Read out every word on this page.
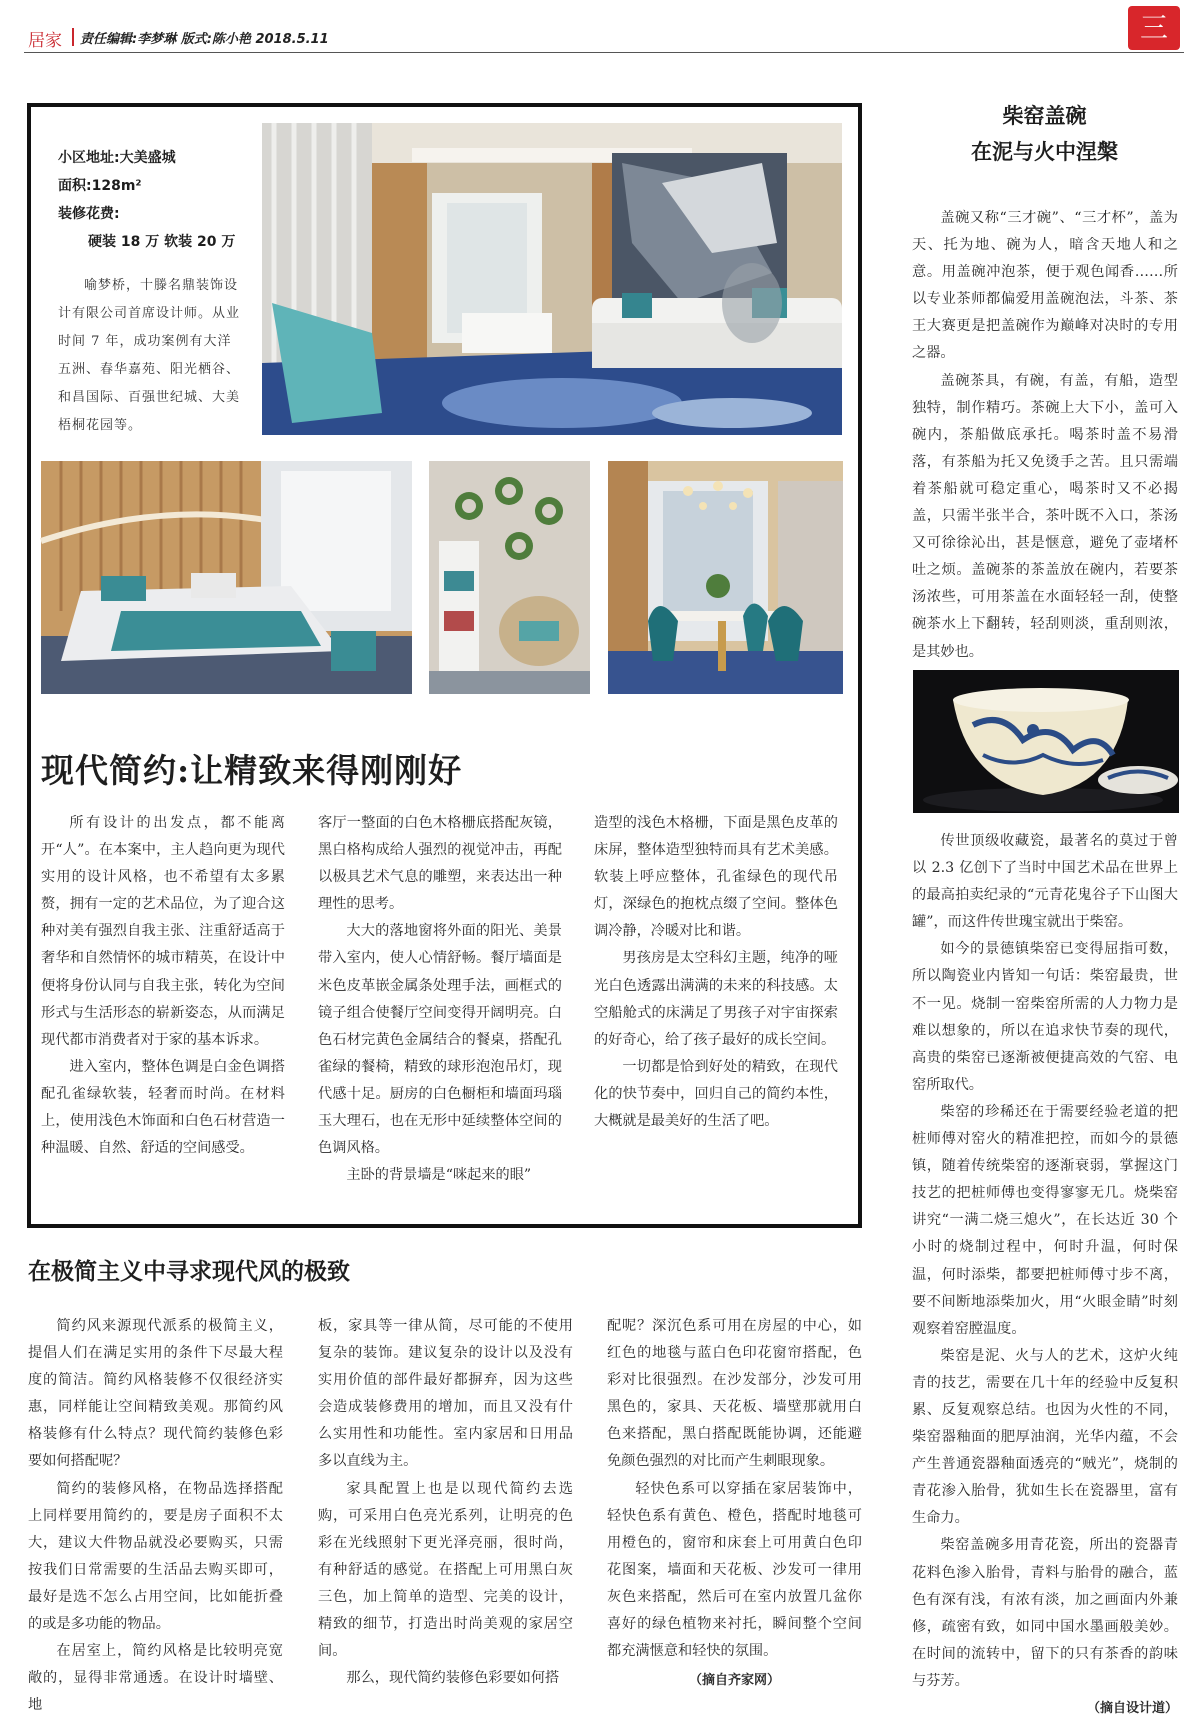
居家 责任编辑:李梦琳 版式:陈小艳 2018.5.11	三
小区地址:大美盛城
面积:128m²
装修花费:
硬装 18 万 软装 20 万
喻梦桥，十滕名鼎装饰设计有限公司首席设计师。从业时间 7 年，成功案例有大洋五洲、春华嘉苑、阳光栖谷、和昌国际、百强世纪城、大美梧桐花园等。
现代简约:让精致来得刚刚好

所有设计的出发点，都不能离开“人”。在本案中，主人趋向更为现代实用的设计风格，也不希望有太多累赘，拥有一定的艺术品位，为了迎合这种对美有强烈自我主张、注重舒适高于奢华和自然情怀的城市精英，在设计中便将身份认同与自我主张，转化为空间形式与生活形态的崭新姿态，从而满足现代都市消费者对于家的基本诉求。

进入室内，整体色调是白金色调搭配孔雀绿软装，轻奢而时尚。在材料上，使用浅色木饰面和白色石材营造一种温暖、自然、舒适的空间感受。

客厅一整面的白色木格栅底搭配灰镜，黑白格构成给人强烈的视觉冲击，再配以极具艺术气息的雕塑，来表达出一种理性的思考。

大大的落地窗将外面的阳光、美景带入室内，使人心情舒畅。餐厅墙面是米色皮革嵌金属条处理手法，画框式的镜子组合使餐厅空间变得开阔明亮。白色石材完黄色金属结合的餐桌，搭配孔雀绿的餐椅，精致的球形泡泡吊灯，现代感十足。厨房的白色橱柜和墙面玛瑙玉大理石，也在无形中延续整体空间的色调风格。

主卧的背景墙是“咪起来的眼”

造型的浅色木格栅，下面是黑色皮革的床屏，整体造型独特而具有艺术美感。软装上呼应整体，孔雀绿色的现代吊灯，深绿色的抱枕点缀了空间。整体色调冷静，冷暖对比和谐。

男孩房是太空科幻主题，纯净的哑光白色透露出满满的未来的科技感。太空船舱式的床满足了男孩子对宇宙探索的好奇心，给了孩子最好的成长空间。

一切都是恰到好处的精致，在现代化的快节奏中，回归自己的简约本性，大概就是最美好的生活了吧。

在极简主义中寻求现代风的极致

简约风来源现代派系的极简主义，提倡人们在满足实用的条件下尽最大程度的简洁。简约风格装修不仅很经济实惠，同样能让空间精致美观。那简约风格装修有什么特点？现代简约装修色彩要如何搭配呢？

简约的装修风格，在物品选择搭配上同样要用简约的，要是房子面积不太大，建议大件物品就没必要购买，只需按我们日常需要的生活品去购买即可，最好是选不怎么占用空间，比如能折叠的或是多功能的物品。

在居室上，简约风格是比较明亮宽敞的，显得非常通透。在设计时墙壁、地

板，家具等一律从简，尽可能的不使用复杂的装饰。建议复杂的设计以及没有实用价值的部件最好都摒弃，因为这些会造成装修费用的增加，而且又没有什么实用性和功能性。室内家居和日用品多以直线为主。

家具配置上也是以现代简约去选购，可采用白色亮光系列，让明亮的色彩在光线照射下更光泽亮丽，很时尚，有种舒适的感觉。在搭配上可用黑白灰三色，加上简单的造型、完美的设计，精致的细节，打造出时尚美观的家居空间。

那么，现代简约装修色彩要如何搭

配呢？深沉色系可用在房屋的中心，如红色的地毯与蓝白色印花窗帘搭配，色彩对比很强烈。在沙发部分，沙发可用黑色的，家具、天花板、墙壁那就用白色来搭配，黑白搭配既能协调，还能避免颜色强烈的对比而产生刺眼现象。

轻快色系可以穿插在家居装饰中，轻快色系有黄色、橙色，搭配时地毯可用橙色的，窗帘和床套上可用黄白色印花图案，墙面和天花板、沙发可一律用灰色来搭配，然后可在室内放置几盆你喜好的绿色植物来衬托，瞬间整个空间都充满惬意和轻快的氛围。

（摘自齐家网）
柴窑盖碗
在泥与火中涅槃

盖碗又称“三才碗”、“三才杯”，盖为天、托为地、碗为人，暗含天地人和之意。用盖碗冲泡茶，便于观色闻香……所以专业茶师都偏爱用盖碗泡法，斗茶、茶王大赛更是把盖碗作为巅峰对决时的专用之器。

盖碗茶具，有碗，有盖，有船，造型独特，制作精巧。茶碗上大下小，盖可入碗内，茶船做底承托。喝茶时盖不易滑落，有茶船为托又免烫手之苦。且只需端着茶船就可稳定重心，喝茶时又不必揭盖，只需半张半合，茶叶既不入口，茶汤又可徐徐沁出，甚是惬意，避免了壶堵杯吐之烦。盖碗茶的茶盖放在碗内，若要茶汤浓些，可用茶盖在水面轻轻一刮，使整碗茶水上下翻转，轻刮则淡，重刮则浓，是其妙也。

传世顶级收藏瓷，最著名的莫过于曾以 2.3 亿创下了当时中国艺术品在世界上的最高拍卖纪录的“元青花鬼谷子下山图大罐”，而这件传世瑰宝就出于柴窑。

如今的景德镇柴窑已变得屈指可数，所以陶瓷业内皆知一句话：柴窑最贵，世不一见。烧制一窑柴窑所需的人力物力是难以想象的，所以在追求快节奏的现代，高贵的柴窑已逐渐被便捷高效的气窑、电窑所取代。

柴窑的珍稀还在于需要经验老道的把桩师傅对窑火的精准把控，而如今的景德镇，随着传统柴窑的逐渐衰弱，掌握这门技艺的把桩师傅也变得寥寥无几。烧柴窑讲究“一满二烧三熄火”，在长达近 30 个小时的烧制过程中，何时升温，何时保温，何时添柴，都要把桩师傅寸步不离，要不间断地添柴加火，用“火眼金睛”时刻观察着窑膛温度。

柴窑是泥、火与人的艺术，这炉火纯青的技艺，需要在几十年的经验中反复积累、反复观察总结。也因为火性的不同，柴窑器釉面的肥厚油润，光华内蕴，不会产生普通瓷器釉面透亮的“贼光”，烧制的青花渗入胎骨，犹如生长在瓷器里，富有生命力。

柴窑盖碗多用青花瓷，所出的瓷器青花料色渗入胎骨，青料与胎骨的融合，蓝色有深有浅，有浓有淡，加之画面内外兼修，疏密有致，如同中国水墨画般美妙。在时间的流转中，留下的只有茶香的韵味与芬芳。

（摘自设计道）
